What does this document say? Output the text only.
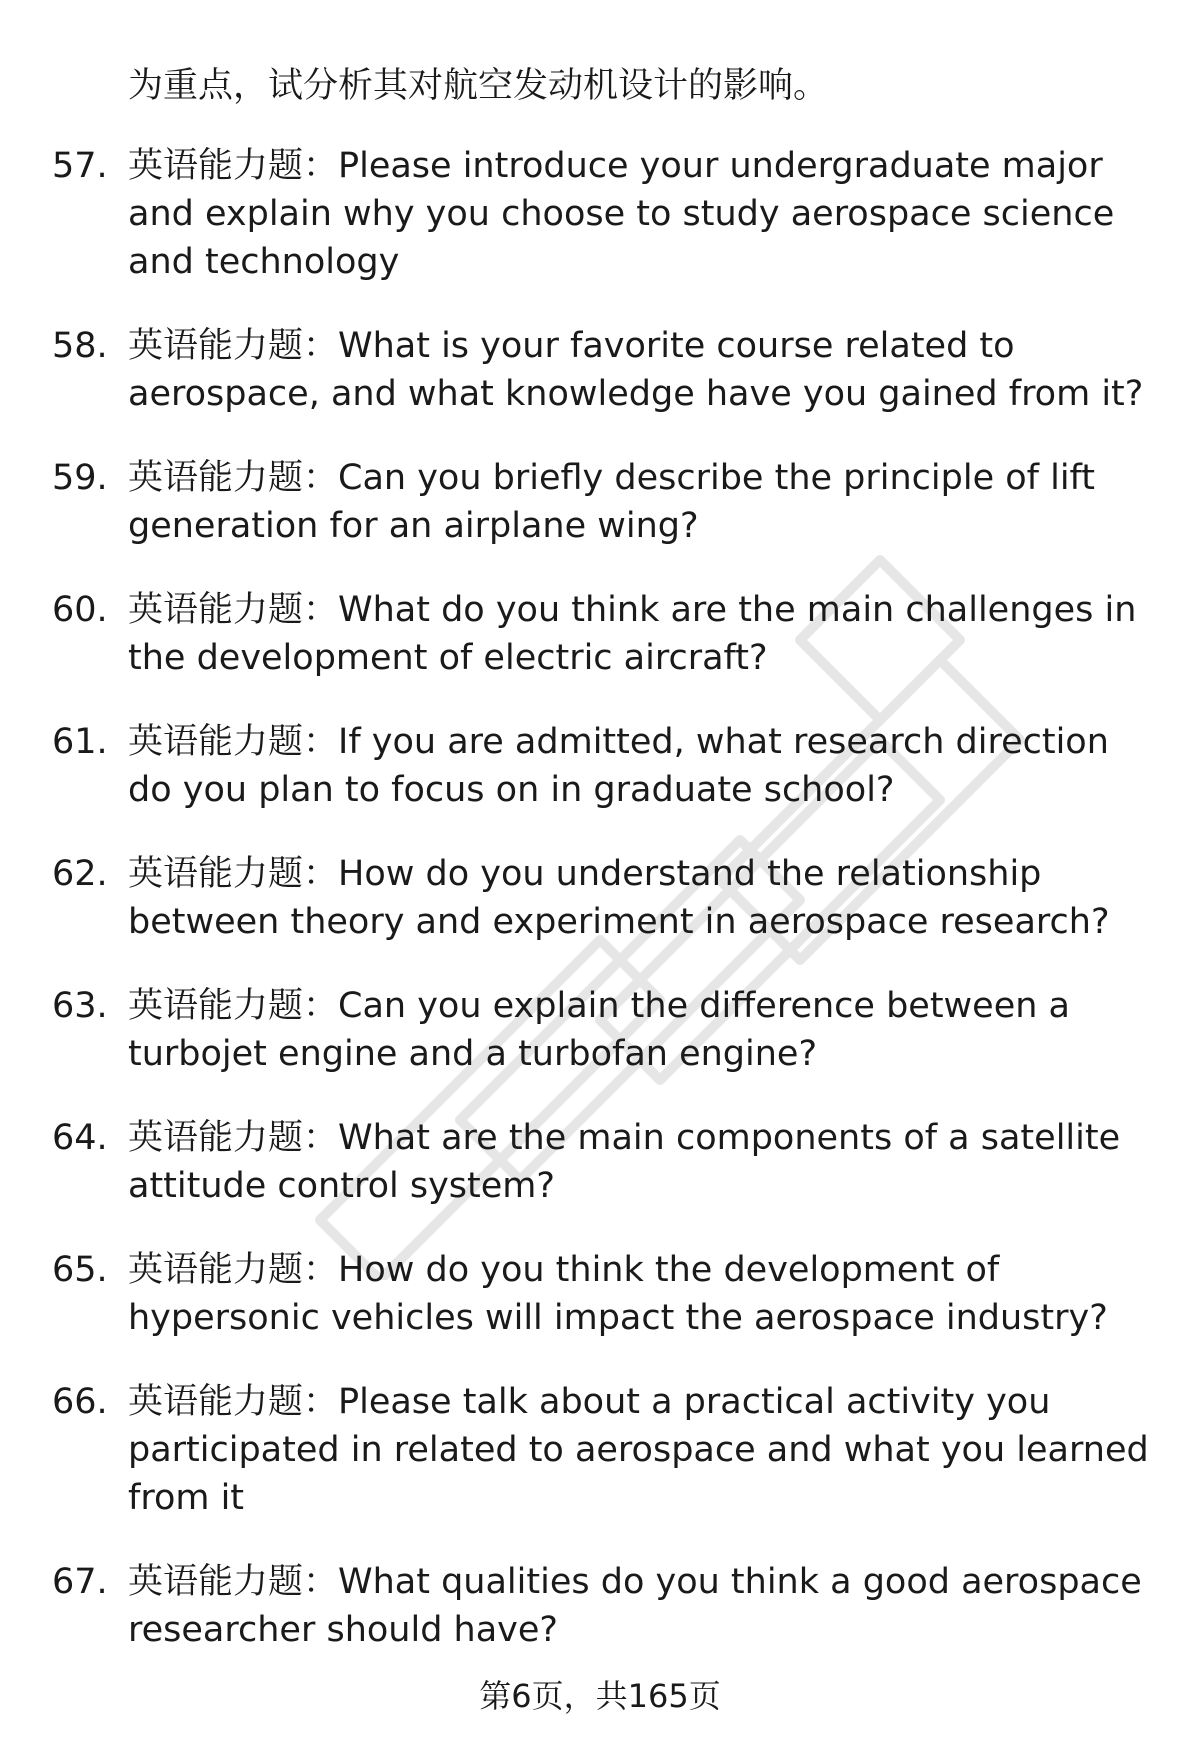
为重点，试分析其对航空发动机设计的影响。

57. 英语能力题：Please introduce your undergraduate major and explain why you choose to study aerospace science and technology
58. 英语能力题：What is your favorite course related to aerospace, and what knowledge have you gained from it?
59. 英语能力题：Can you briefly describe the principle of lift generation for an airplane wing?
60. 英语能力题：What do you think are the main challenges in the development of electric aircraft?
61. 英语能力题：If you are admitted, what research direction do you plan to focus on in graduate school?
62. 英语能力题：How do you understand the relationship between theory and experiment in aerospace research?
63. 英语能力题：Can you explain the difference between a turbojet engine and a turbofan engine?
64. 英语能力题：What are the main components of a satellite attitude control system?
65. 英语能力题：How do you think the development of hypersonic vehicles will impact the aerospace industry?
66. 英语能力题：Please talk about a practical activity you participated in related to aerospace and what you learned from it
67. 英语能力题：What qualities do you think a good aerospace researcher should have?
第6页，共165页
